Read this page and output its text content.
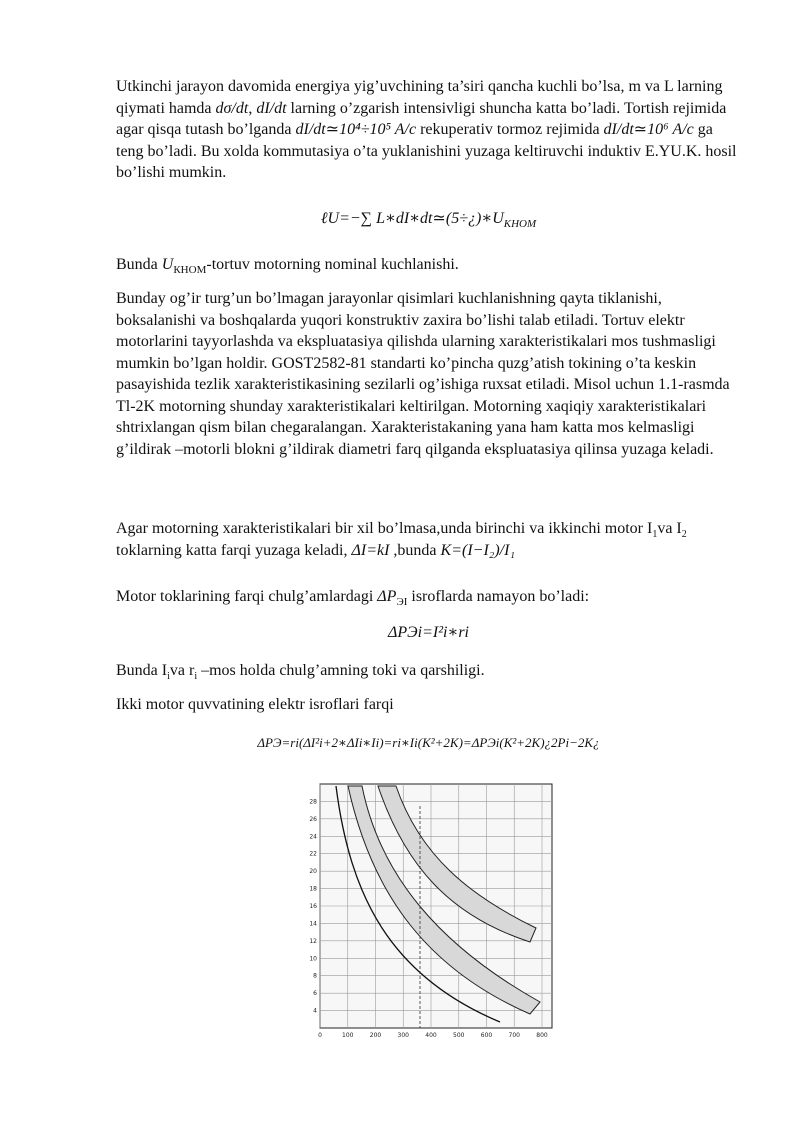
Utkinchi jarayon davomida energiya yig’uvchining ta’siri qancha kuchli bo’lsa, m va L larning qiymati hamda dσ/dt, dI/dt larning o’zgarish intensivligi shuncha katta bo’ladi. Tortish rejimida agar qisqa tutash bo’lganda dI/dt≃10⁴÷10⁵ A/c rekuperativ tormoz rejimida dI/dt≃10⁶ A/c ga teng bo’ladi. Bu xolda kommutasiya o’ta yuklanishini yuzaga keltiruvchi induktiv E.YU.K. hosil bo’lishi mumkin.

ℓU=−∑ $L∗dI∗dt≃(5\div¿)∗U_{КНОМ}$

Bunda $U_{КНОМ}$-tortuv motorning nominal kuchlanishi.

Bunday og’ir turg’un bo’lmagan jarayonlar qisimlari kuchlanishning qayta tiklanishi, boksalanishi va boshqalarda yuqori konstruktiv zaxira bo’lishi talab etiladi. Tortuv elektr motorlarini tayyorlashda va ekspluatasiya qilishda ularning xarakteristikalari mos tushmasligi mumkin bo’lgan holdir. GOST2582-81 standarti ko’pincha quzg’atish tokining o’ta keskin pasayishida tezlik xarakteristikasining sezilarli og’ishiga ruxsat etiladi. Misol uchun 1.1-rasmda Tl-2K motorning shunday xarakteristikalari keltirilgan. Motorning xaqiqiy xarakteristikalari shtrixlangan qism bilan chegaralangan. Xarakteristakaning yana ham katta mos kelmasligi g’ildirak –motorli blokni g’ildirak diametri farq qilganda ekspluatasiya qilinsa yuzaga keladi.

Agar motorning xarakteristikalari bir xil bo’lmasa,unda birinchi va ikkinchi motor $I_1va$ $I_2$ toklarning katta farqi yuzaga keladi, ΔI=kI ,bunda K=(I−I₂)/I₁

Motor toklarining farqi chulg’amlardagi $\Delta P_{ЭI}$ isroflarda namayon bo’ladi:

ΔPЭi=I²i∗ri

Bunda $I_iva$ $r_i$ –mos holda chulg’amning toki va qarshiligi.

Ikki motor quvvatining elektr isroflari farqi

ΔPЭ=ri(ΔI²i+2∗ΔIi∗Ii)=ri∗Ii(K²+2K)=ΔPЭi(K²+2K)¿2Pi−2K¿

4
6
8
10
12
14
16
18
20
22
24
26
28
0	100	200	300	400	500	600	700	800
